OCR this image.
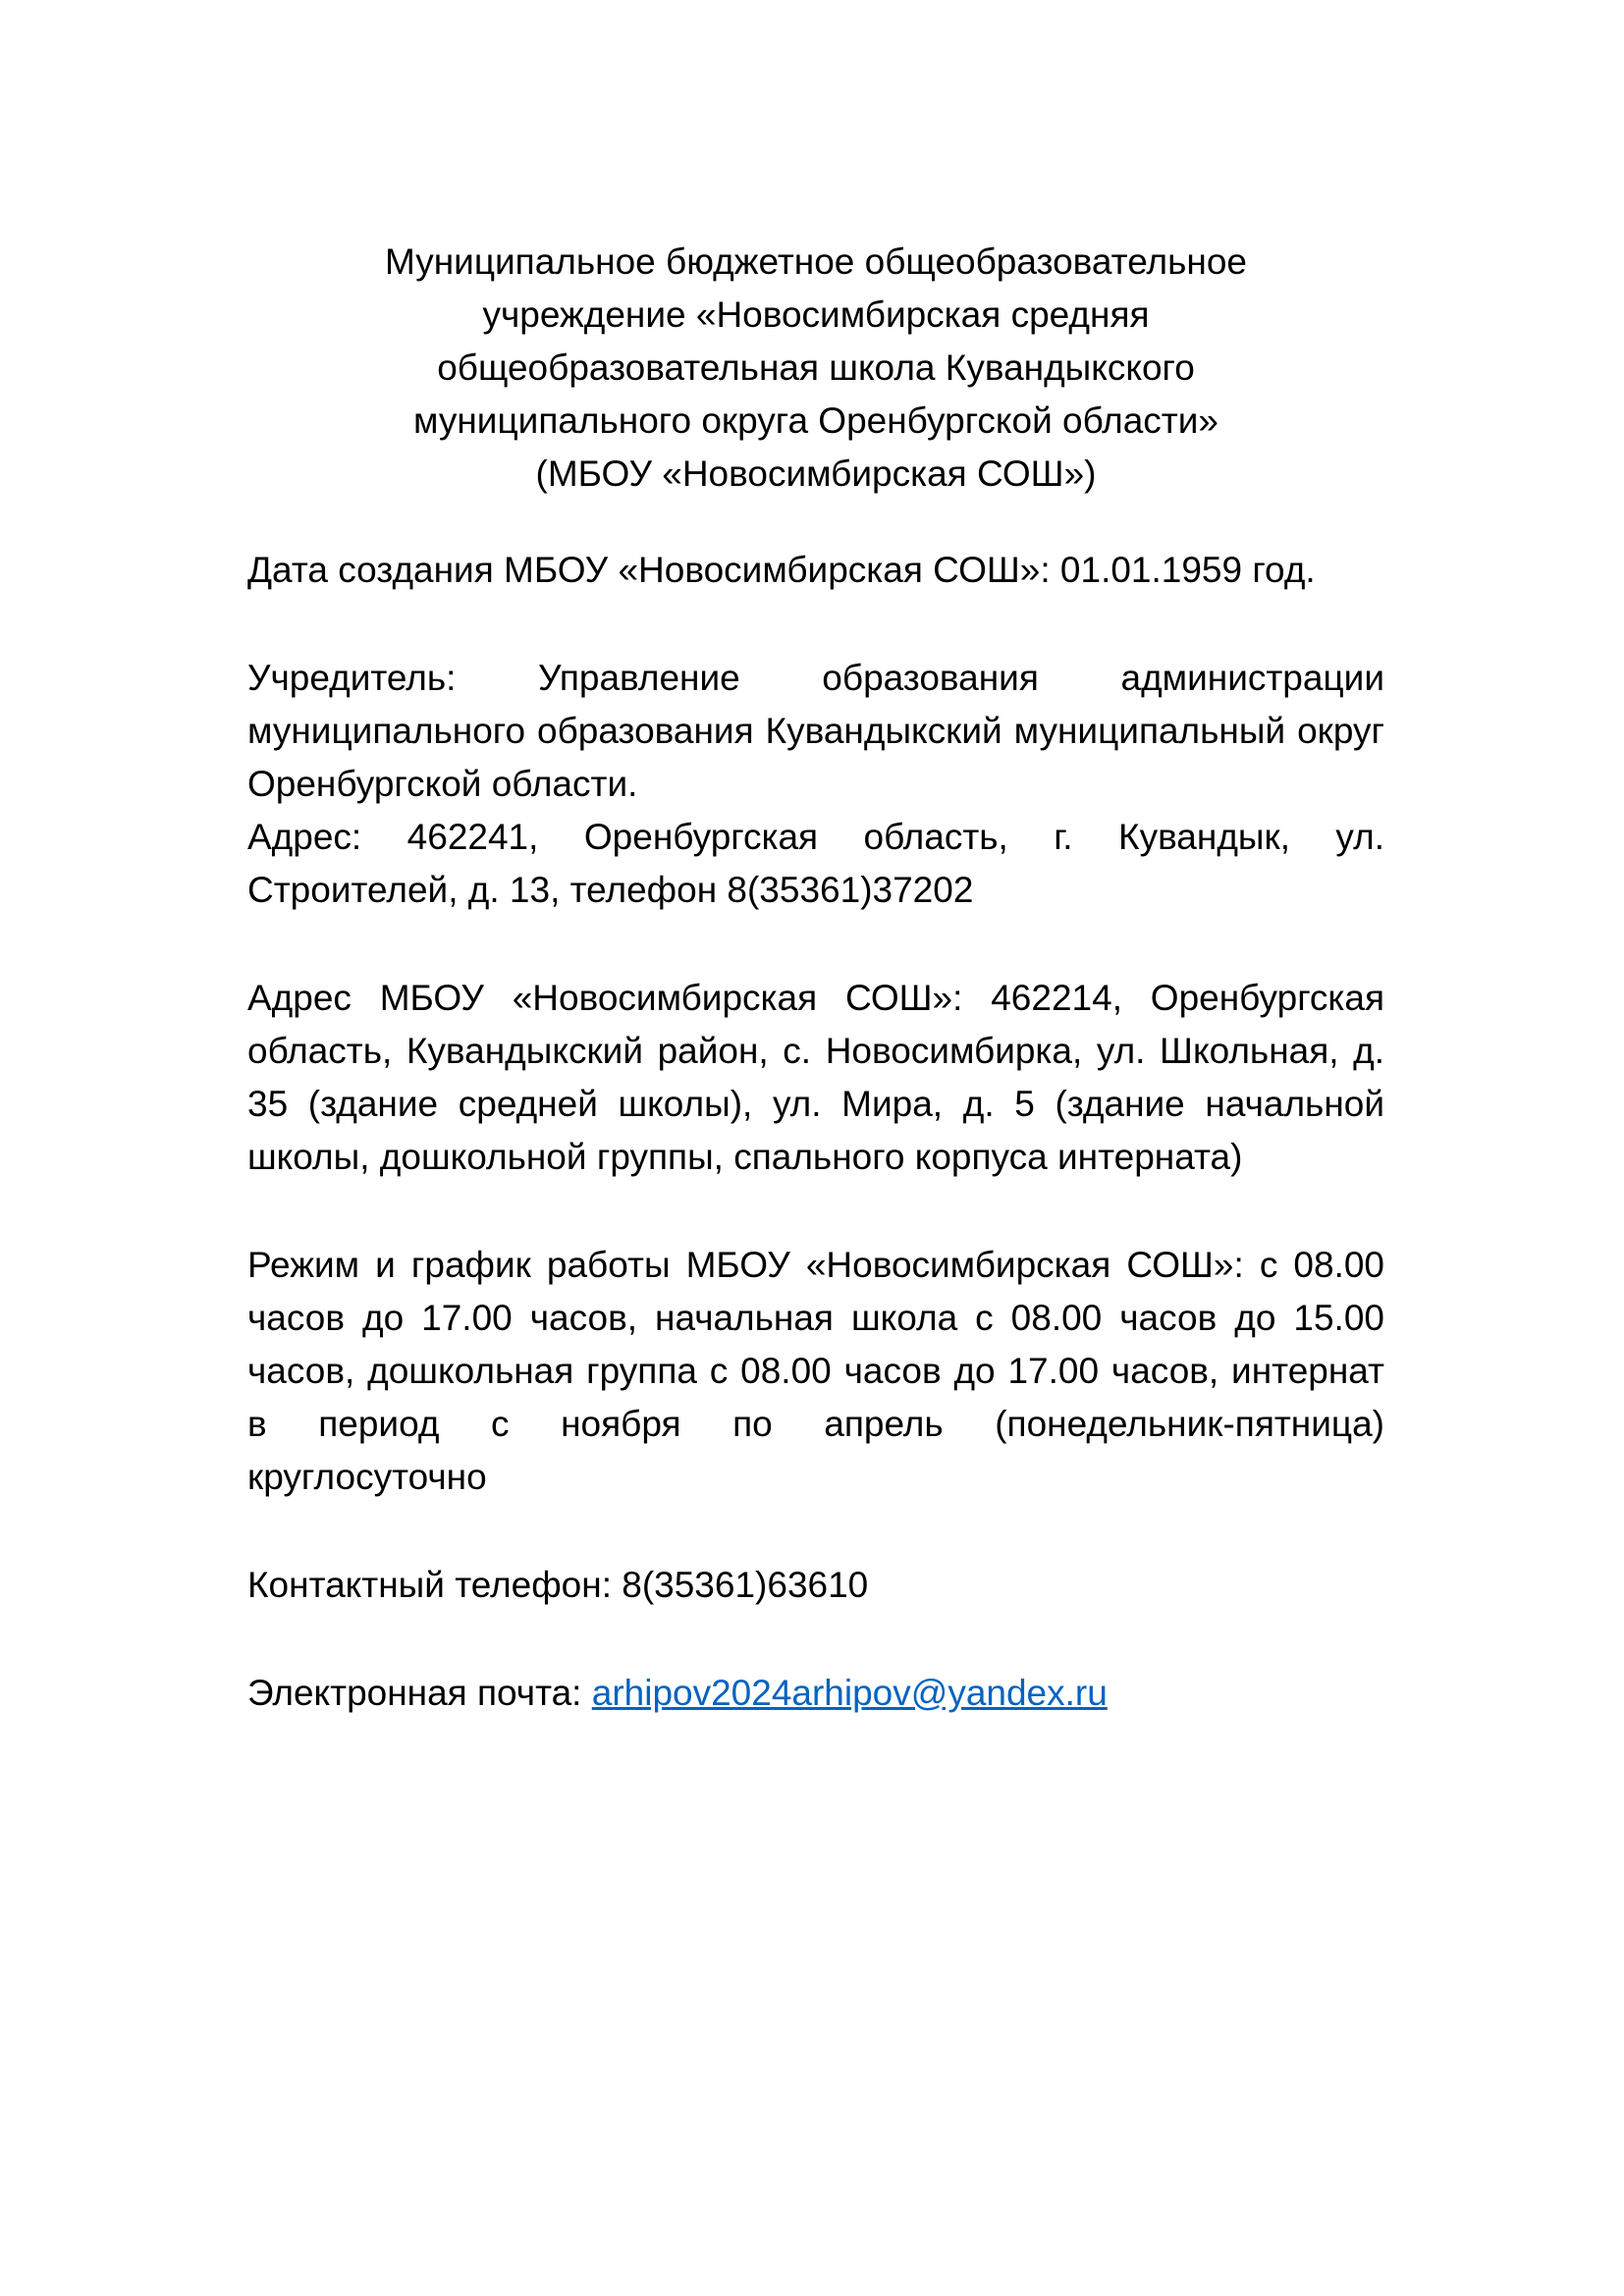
Муниципальное бюджетное общеобразовательное
учреждение «Новосимбирская средняя
общеобразовательная школа Кувандыкского
муниципального округа Оренбургской области»
(МБОУ «Новосимбирская СОШ»)

Дата создания МБОУ «Новосимбирская СОШ»: 01.01.1959 год.

Учредитель: Управление образования администрации муниципального образования Кувандыкский муниципальный округ Оренбургской области.

Адрес: 462241, Оренбургская область, г. Кувандык, ул. Строителей, д. 13, телефон 8(35361)37202

Адрес МБОУ «Новосимбирская СОШ»: 462214, Оренбургская область, Кувандыкский район, с. Новосимбирка, ул. Школьная, д. 35 (здание средней школы), ул. Мира, д. 5 (здание начальной школы, дошкольной группы, спального корпуса интерната)

Режим и график работы МБОУ «Новосимбирская СОШ»: с 08.00 часов до 17.00 часов, начальная школа с 08.00 часов до 15.00 часов, дошкольная группа с 08.00 часов до 17.00 часов, интернат в период с ноября по апрель (понедельник-пятница) круглосуточно

Контактный телефон: 8(35361)63610

Электронная почта: arhipov2024arhipov@yandex.ru
